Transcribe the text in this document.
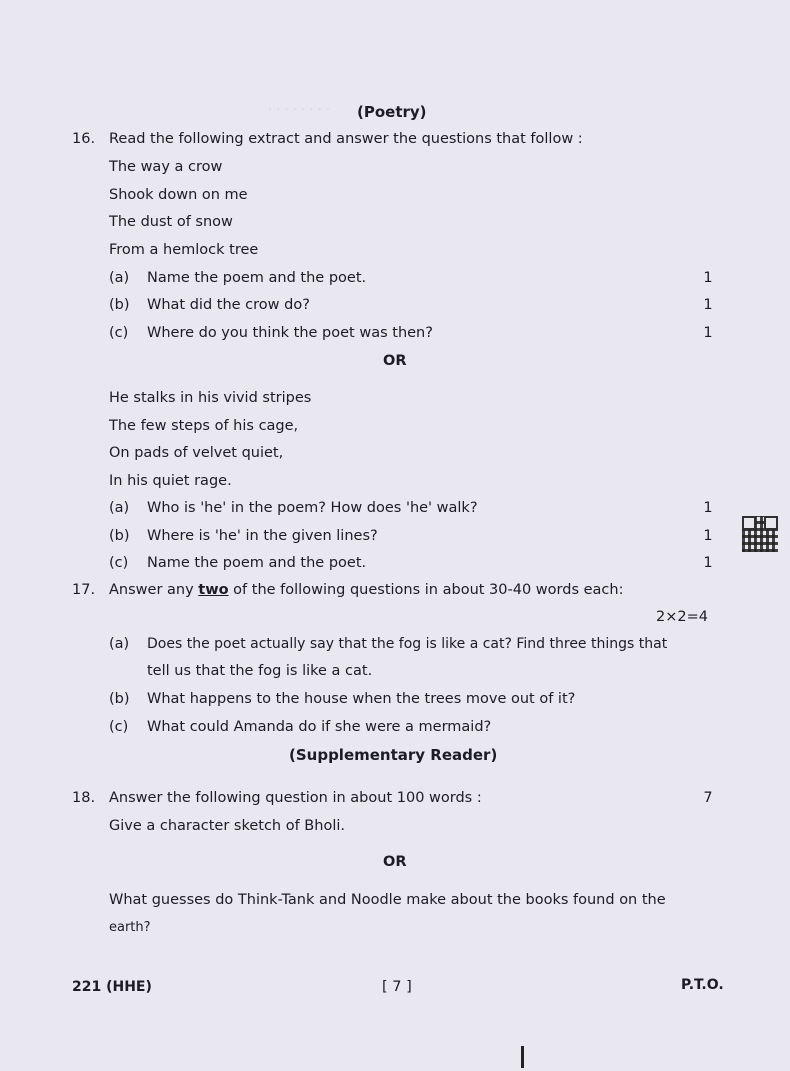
· · · · · · · · (Poetry)
16. Read the following extract and answer the questions that follow :
The way a crow
Shook down on me
The dust of snow
From a hemlock tree
(a) Name the poem and the poet.	1
(b) What did the crow do?	1
(c) Where do you think the poet was then?	1
OR
He stalks in his vivid stripes
The few steps of his cage,
On pads of velvet quiet,
In his quiet rage.
(a) Who is 'he' in the poem? How does 'he' walk?	1
(b) Where is 'he' in the given lines?	1
(c) Name the poem and the poet.	1
17. Answer any two of the following questions in about 30-40 words each:
2×2=4
(a) Does the poet actually say that the fog is like a cat? Find three things that
tell us that the fog is like a cat.
(b) What happens to the house when the trees move out of it?
(c) What could Amanda do if she were a mermaid?
(Supplementary Reader)
18. Answer the following question in about 100 words :	7
Give a character sketch of Bholi.
OR
What guesses do Think-Tank and Noodle make about the books found on the
earth?
221 (HHE)	[ 7 ]	P.T.O.
